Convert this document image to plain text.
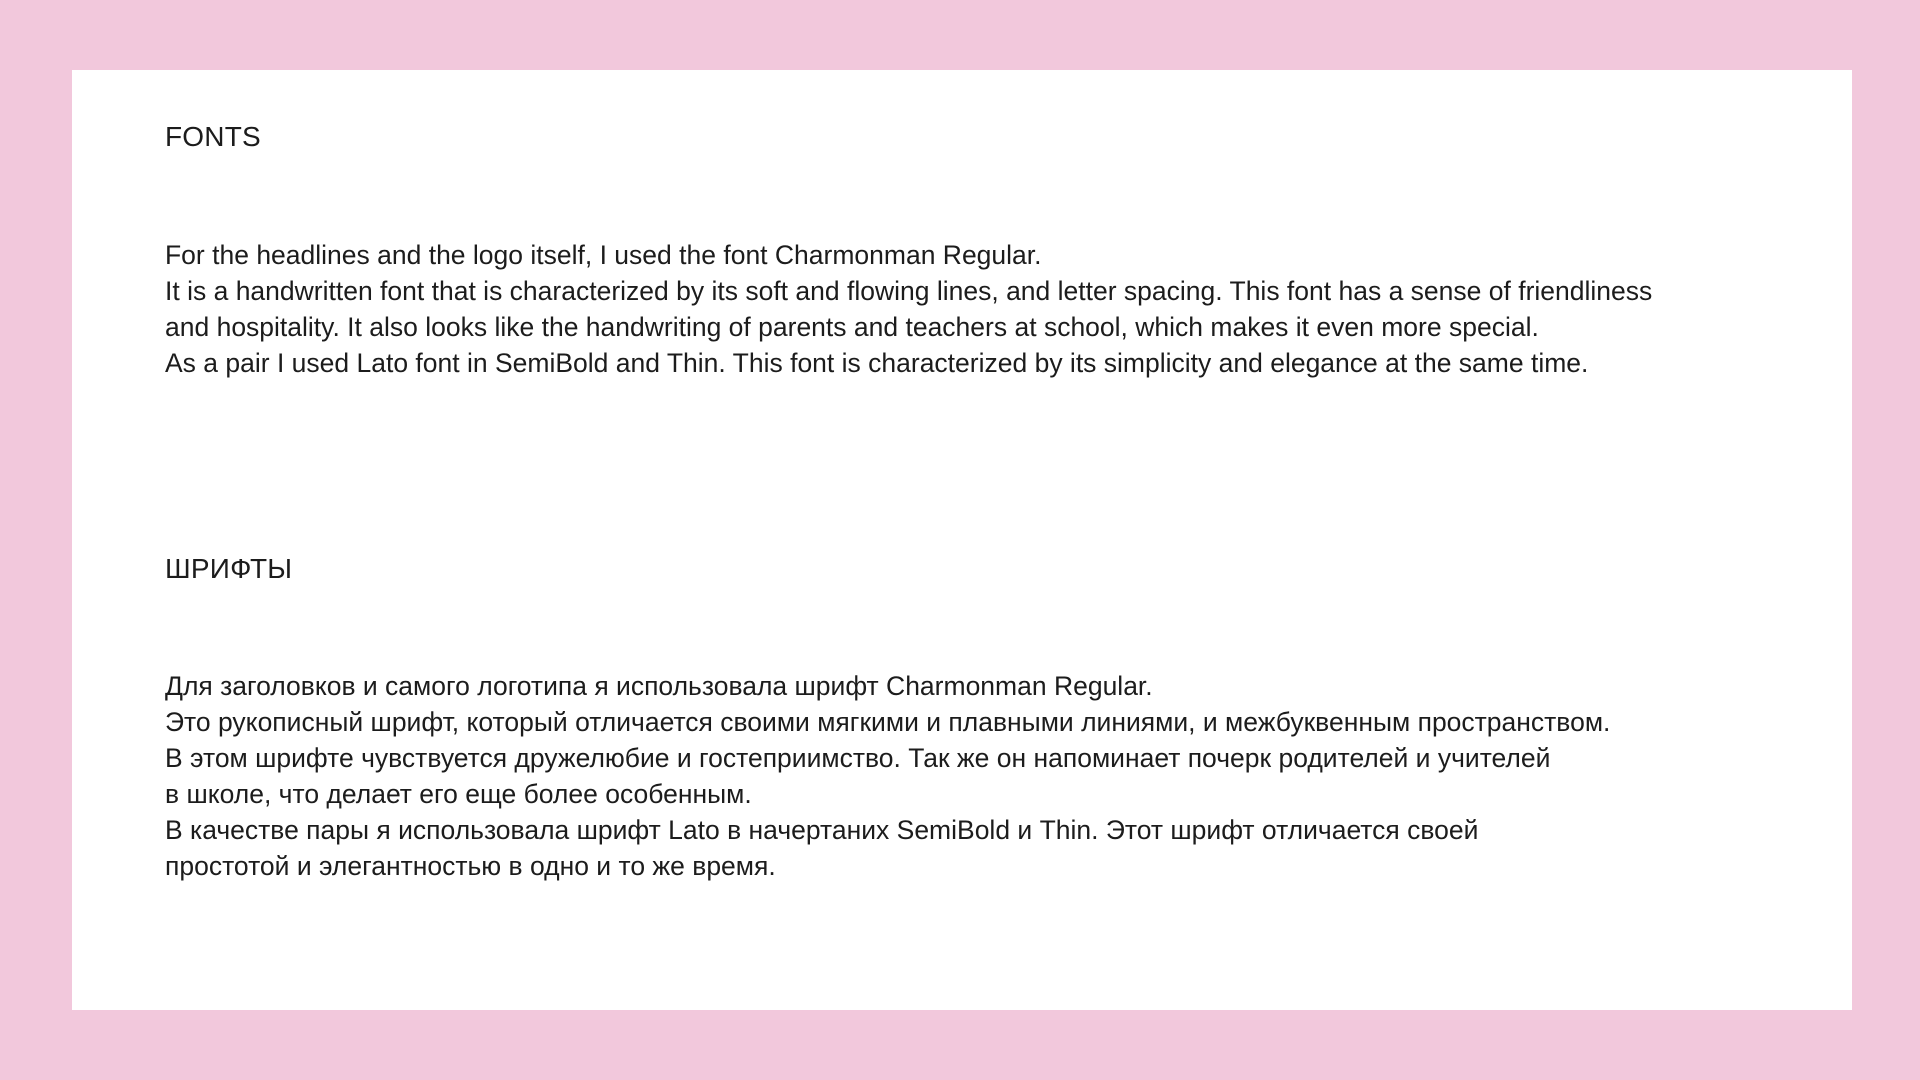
FONTS

For the headlines and the logo itself, I used the font Charmonman Regular.

It is a handwritten font that is characterized by its soft and flowing lines, and letter spacing. This font has a sense of friendliness

and hospitality. It also looks like the handwriting of parents and teachers at school, which makes it even more special.

As a pair I used Lato font in SemiBold and Thin. This font is characterized by its simplicity and elegance at the same time.

ШРИФТЫ

Для заголовков и самого логотипа я использовала шрифт Charmonman Regular.

Это рукописный шрифт, который отличается своими мягкими и плавными линиями, и межбуквенным пространством.

В этом шрифте чувствуется дружелюбие и гостеприимство. Так же он напоминает почерк родителей и учителей

в школе, что делает его еще более особенным.

В качестве пары я использовала шрифт Lato в начертаних SemiBold и Thin. Этот шрифт отличается своей

простотой и элегантностью в одно и то же время.
